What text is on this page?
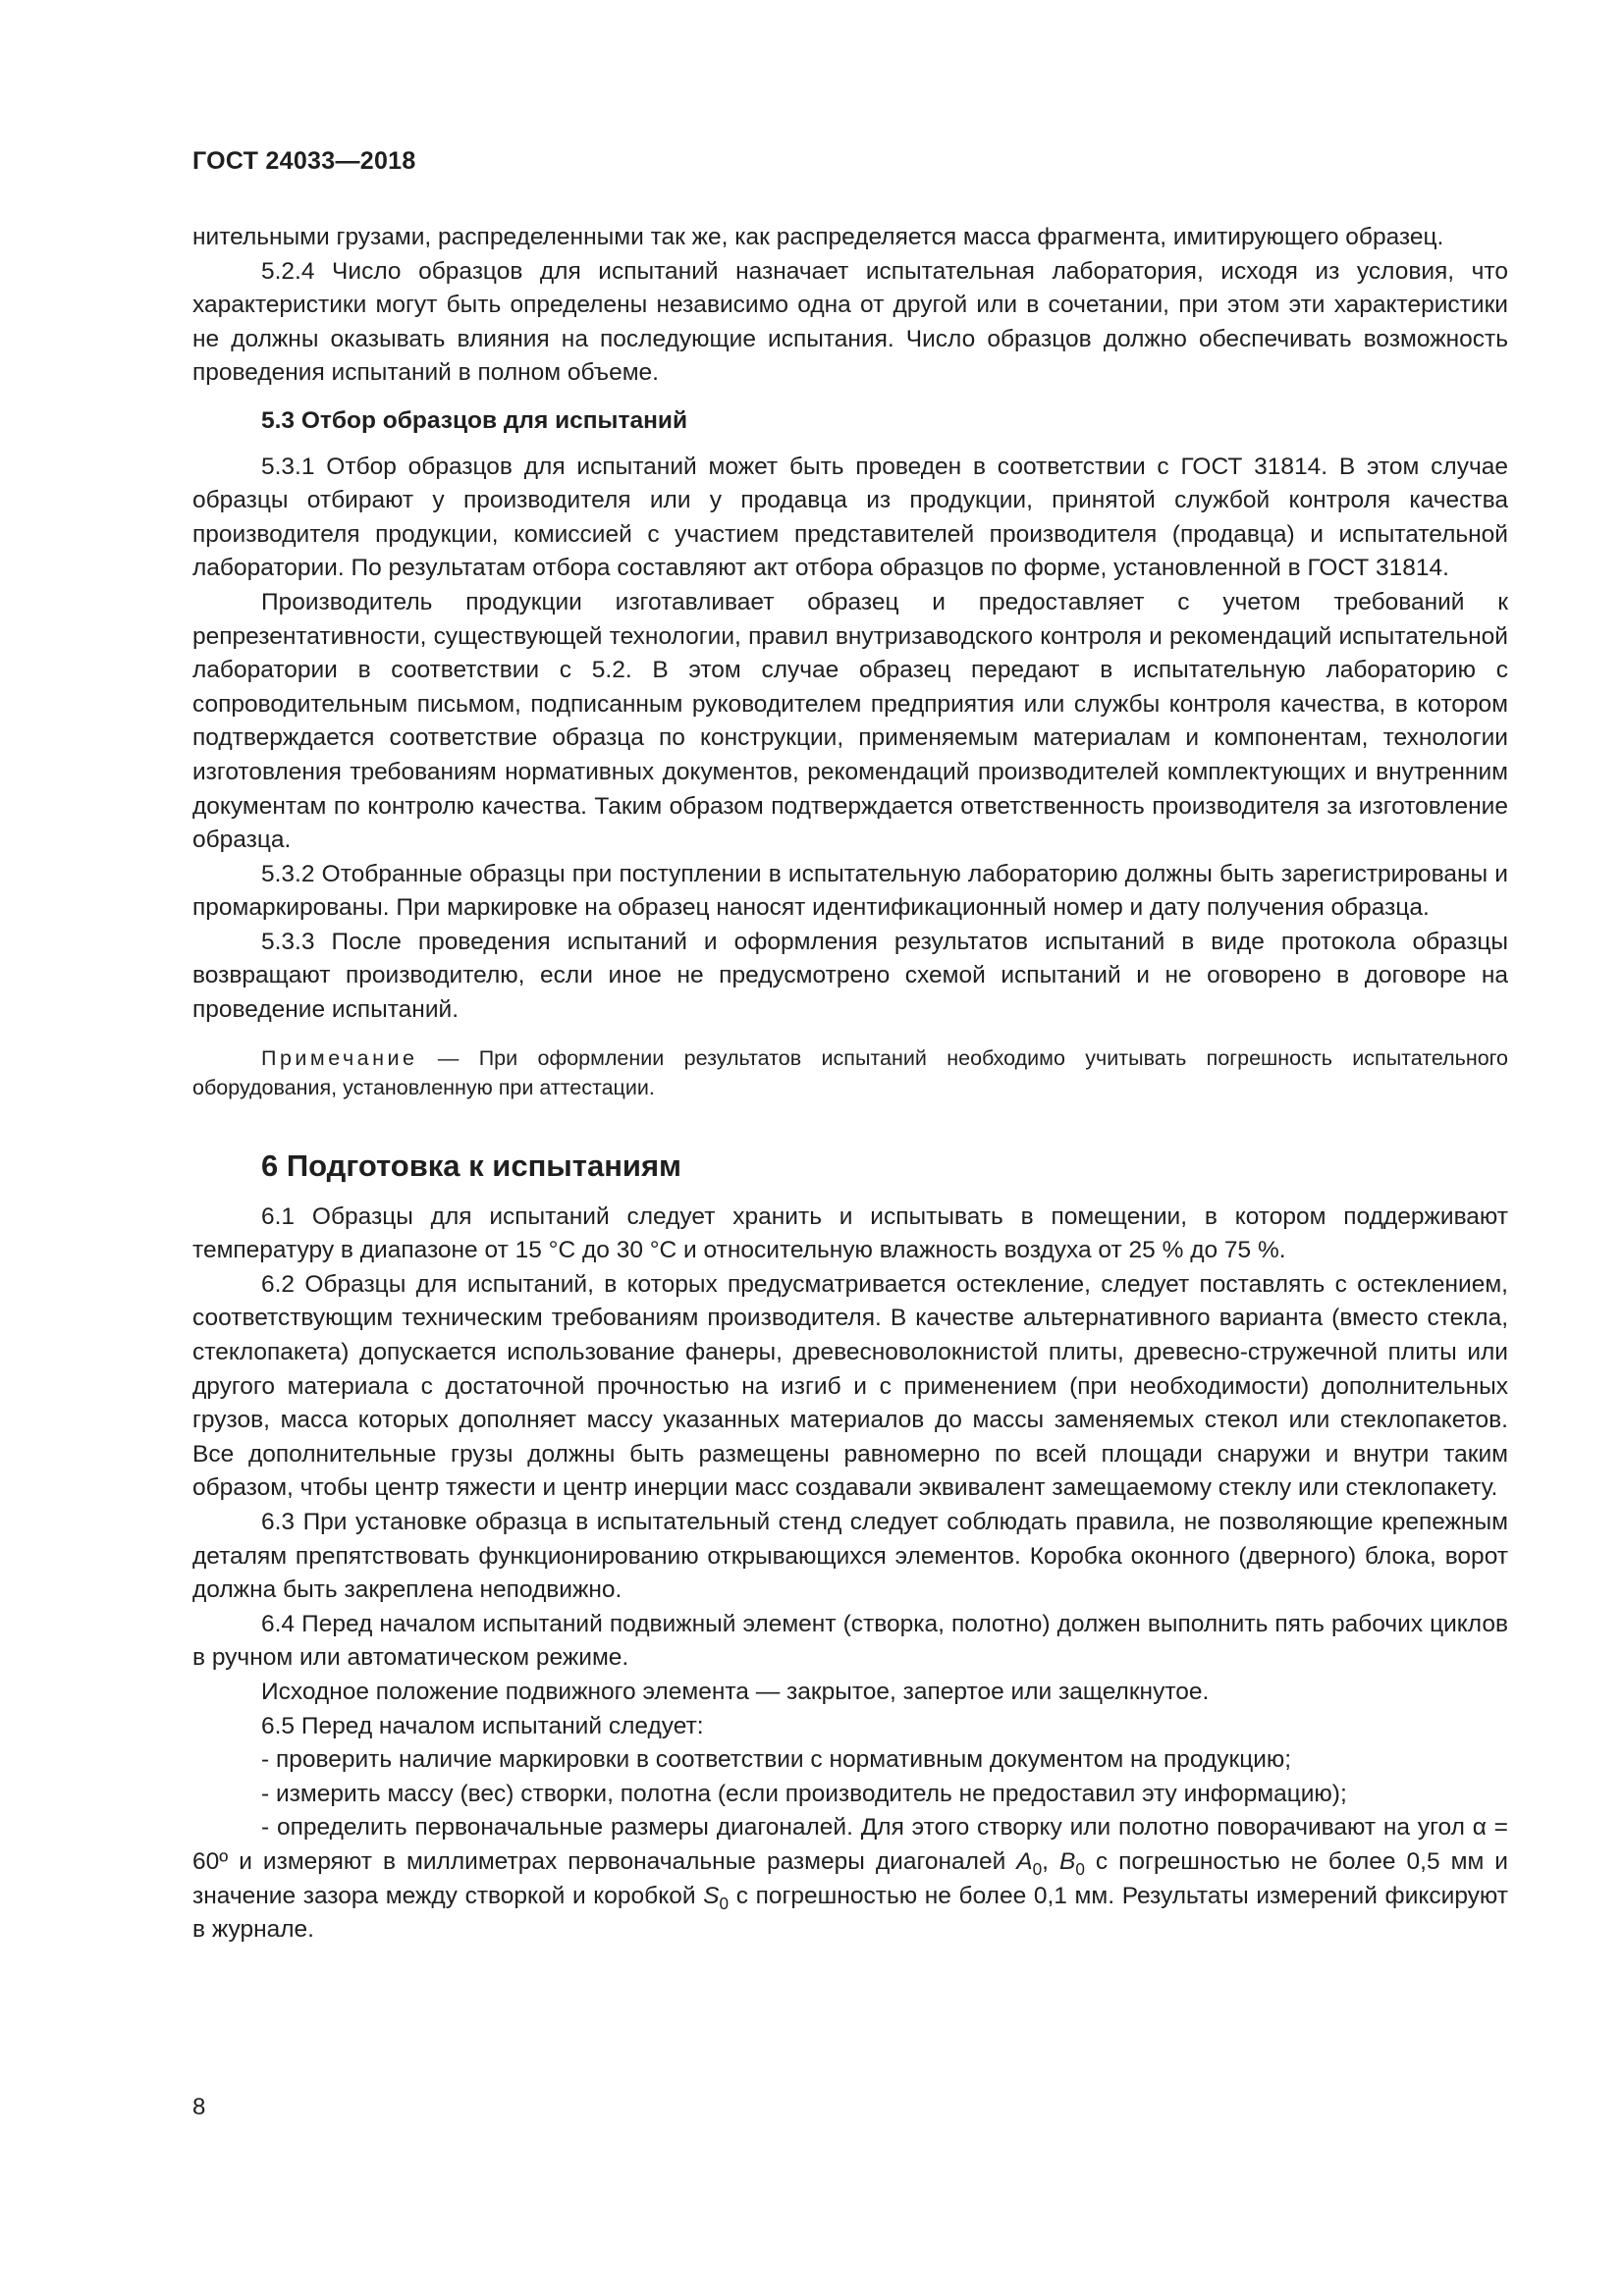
ГОСТ 24033—2018

нительными грузами, распределенными так же, как распределяется масса фрагмента, имитирующего образец.

5.2.4 Число образцов для испытаний назначает испытательная лаборатория, исходя из условия, что характеристики могут быть определены независимо одна от другой или в сочетании, при этом эти характеристики не должны оказывать влияния на последующие испытания. Число образцов должно обеспечивать возможность проведения испытаний в полном объеме.

5.3 Отбор образцов для испытаний

5.3.1 Отбор образцов для испытаний может быть проведен в соответствии с ГОСТ 31814. В этом случае образцы отбирают у производителя или у продавца из продукции, принятой службой контроля качества производителя продукции, комиссией с участием представителей производителя (продавца) и испытательной лаборатории. По результатам отбора составляют акт отбора образцов по форме, установленной в ГОСТ 31814.

Производитель продукции изготавливает образец и предоставляет с учетом требований к репрезентативности, существующей технологии, правил внутризаводского контроля и рекомендаций испытательной лаборатории в соответствии с 5.2. В этом случае образец передают в испытательную лабораторию с сопроводительным письмом, подписанным руководителем предприятия или службы контроля качества, в котором подтверждается соответствие образца по конструкции, применяемым материалам и компонентам, технологии изготовления требованиям нормативных документов, рекомендаций производителей комплектующих и внутренним документам по контролю качества. Таким образом подтверждается ответственность производителя за изготовление образца.

5.3.2 Отобранные образцы при поступлении в испытательную лабораторию должны быть зарегистрированы и промаркированы. При маркировке на образец наносят идентификационный номер и дату получения образца.

5.3.3 После проведения испытаний и оформления результатов испытаний в виде протокола образцы возвращают производителю, если иное не предусмотрено схемой испытаний и не оговорено в договоре на проведение испытаний.

Примечание — При оформлении результатов испытаний необходимо учитывать погрешность испытательного оборудования, установленную при аттестации.
6 Подготовка к испытаниям

6.1 Образцы для испытаний следует хранить и испытывать в помещении, в котором поддерживают температуру в диапазоне от 15 °С до 30 °С и относительную влажность воздуха от 25 % до 75 %.

6.2 Образцы для испытаний, в которых предусматривается остекление, следует поставлять с остеклением, соответствующим техническим требованиям производителя. В качестве альтернативного варианта (вместо стекла, стеклопакета) допускается использование фанеры, древесноволокнистой плиты, древесно-стружечной плиты или другого материала с достаточной прочностью на изгиб и с применением (при необходимости) дополнительных грузов, масса которых дополняет массу указанных материалов до массы заменяемых стекол или стеклопакетов. Все дополнительные грузы должны быть размещены равномерно по всей площади снаружи и внутри таким образом, чтобы центр тяжести и центр инерции масс создавали эквивалент замещаемому стеклу или стеклопакету.

6.3 При установке образца в испытательный стенд следует соблюдать правила, не позволяющие крепежным деталям препятствовать функционированию открывающихся элементов. Коробка оконного (дверного) блока, ворот должна быть закреплена неподвижно.

6.4 Перед началом испытаний подвижный элемент (створка, полотно) должен выполнить пять рабочих циклов в ручном или автоматическом режиме.

Исходное положение подвижного элемента — закрытое, запертое или защелкнутое.

6.5 Перед началом испытаний следует:

- проверить наличие маркировки в соответствии с нормативным документом на продукцию;

- измерить массу (вес) створки, полотна (если производитель не предоставил эту информацию);

- определить первоначальные размеры диагоналей. Для этого створку или полотно поворачивают на угол α = 60º и измеряют в миллиметрах первоначальные размеры диагоналей $A_0$, $B_0$ с погрешностью не более 0,5 мм и значение зазора между створкой и коробкой $S_0$ с погрешностью не более 0,1 мм. Результаты измерений фиксируют в журнале.

8
